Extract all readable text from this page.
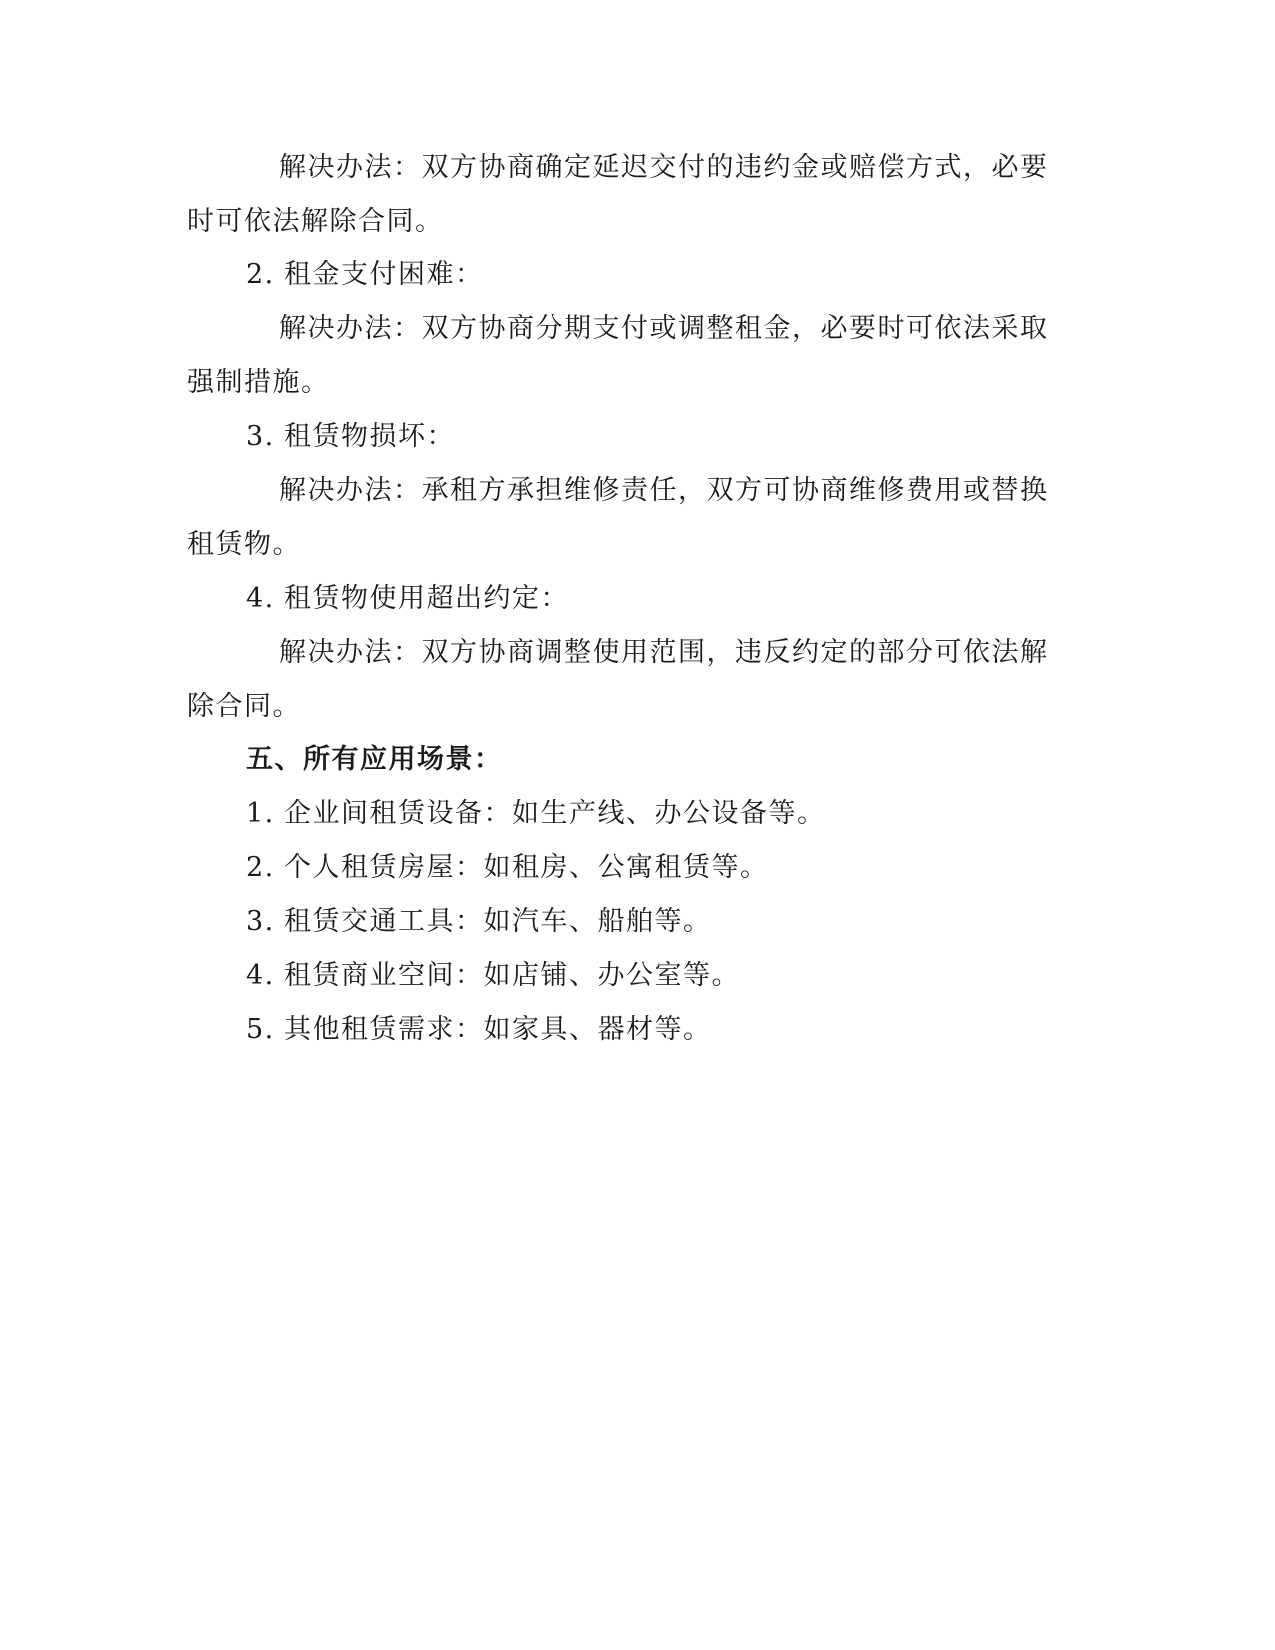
解决办法：双方协商确定延迟交付的违约金或赔偿方式，必要
时可依法解除合同。
2. 租金支付困难：
解决办法：双方协商分期支付或调整租金，必要时可依法采取
强制措施。
3. 租赁物损坏：
解决办法：承租方承担维修责任，双方可协商维修费用或替换
租赁物。
4. 租赁物使用超出约定：
解决办法：双方协商调整使用范围，违反约定的部分可依法解
除合同。
五、所有应用场景：
1. 企业间租赁设备：如生产线、办公设备等。
2. 个人租赁房屋：如租房、公寓租赁等。
3. 租赁交通工具：如汽车、船舶等。
4. 租赁商业空间：如店铺、办公室等。
5. 其他租赁需求：如家具、器材等。
